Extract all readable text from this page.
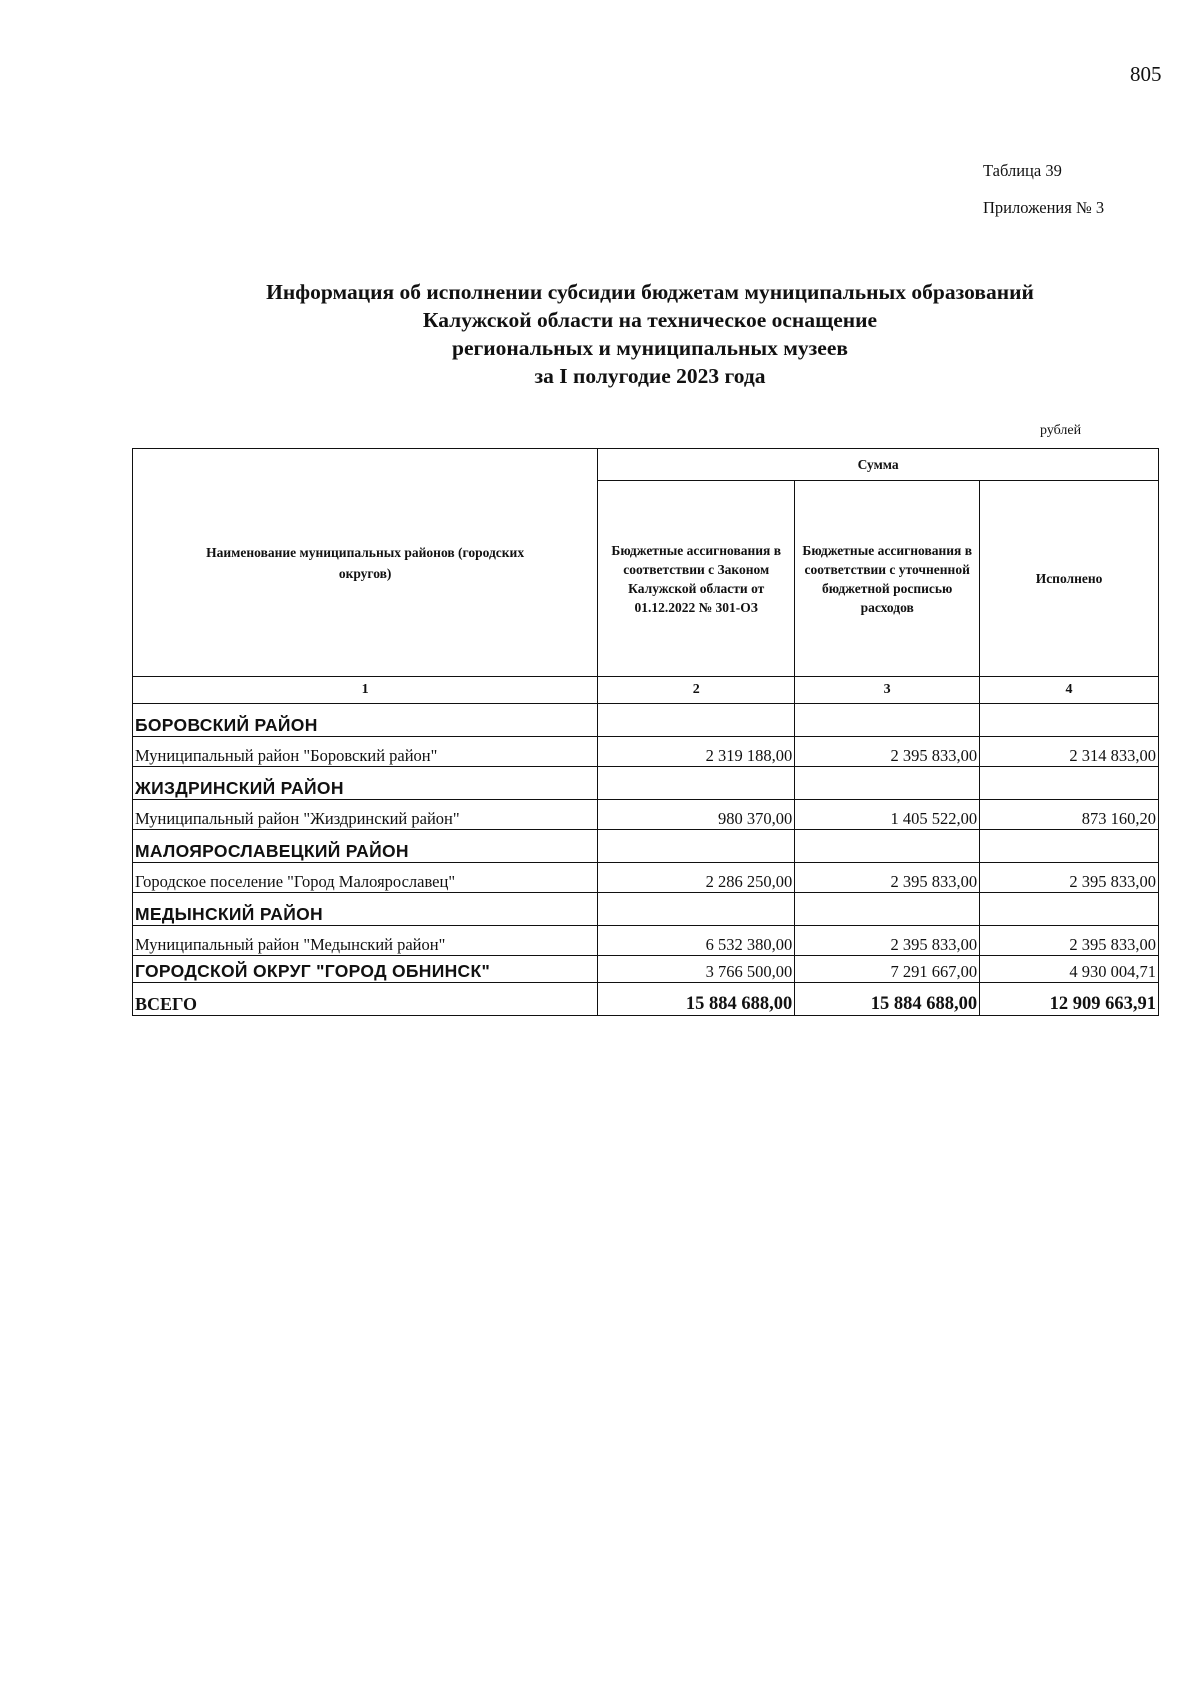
805
Таблица 39
Приложения № 3
Информация об исполнении субсидии бюджетам муниципальных образований
Калужской области на техническое оснащение
региональных и муниципальных музеев
за I полугодие 2023 года
рублей
Наименование муниципальных районов (городских округов)	Сумма		
	Бюджетные ассигнования в соответствии с Законом Калужской области от 01.12.2022 № 301-ОЗ	Бюджетные ассигнования в соответствии с уточненной бюджетной росписью расходов	Исполнено
1	2	3	4
БОРОВСКИЙ РАЙОН			
Муниципальный район "Боровский район"	2 319 188,00	2 395 833,00	2 314 833,00
ЖИЗДРИНСКИЙ РАЙОН			
Муниципальный район "Жиздринский район"	980 370,00	1 405 522,00	873 160,20
МАЛОЯРОСЛАВЕЦКИЙ РАЙОН			
Городское поселение "Город Малоярославец"	2 286 250,00	2 395 833,00	2 395 833,00
МЕДЫНСКИЙ РАЙОН			
Муниципальный район "Медынский район"	6 532 380,00	2 395 833,00	2 395 833,00
ГОРОДСКОЙ ОКРУГ "ГОРОД ОБНИНСК"	3 766 500,00	7 291 667,00	4 930 004,71
ВСЕГО	15 884 688,00	15 884 688,00	12 909 663,91
